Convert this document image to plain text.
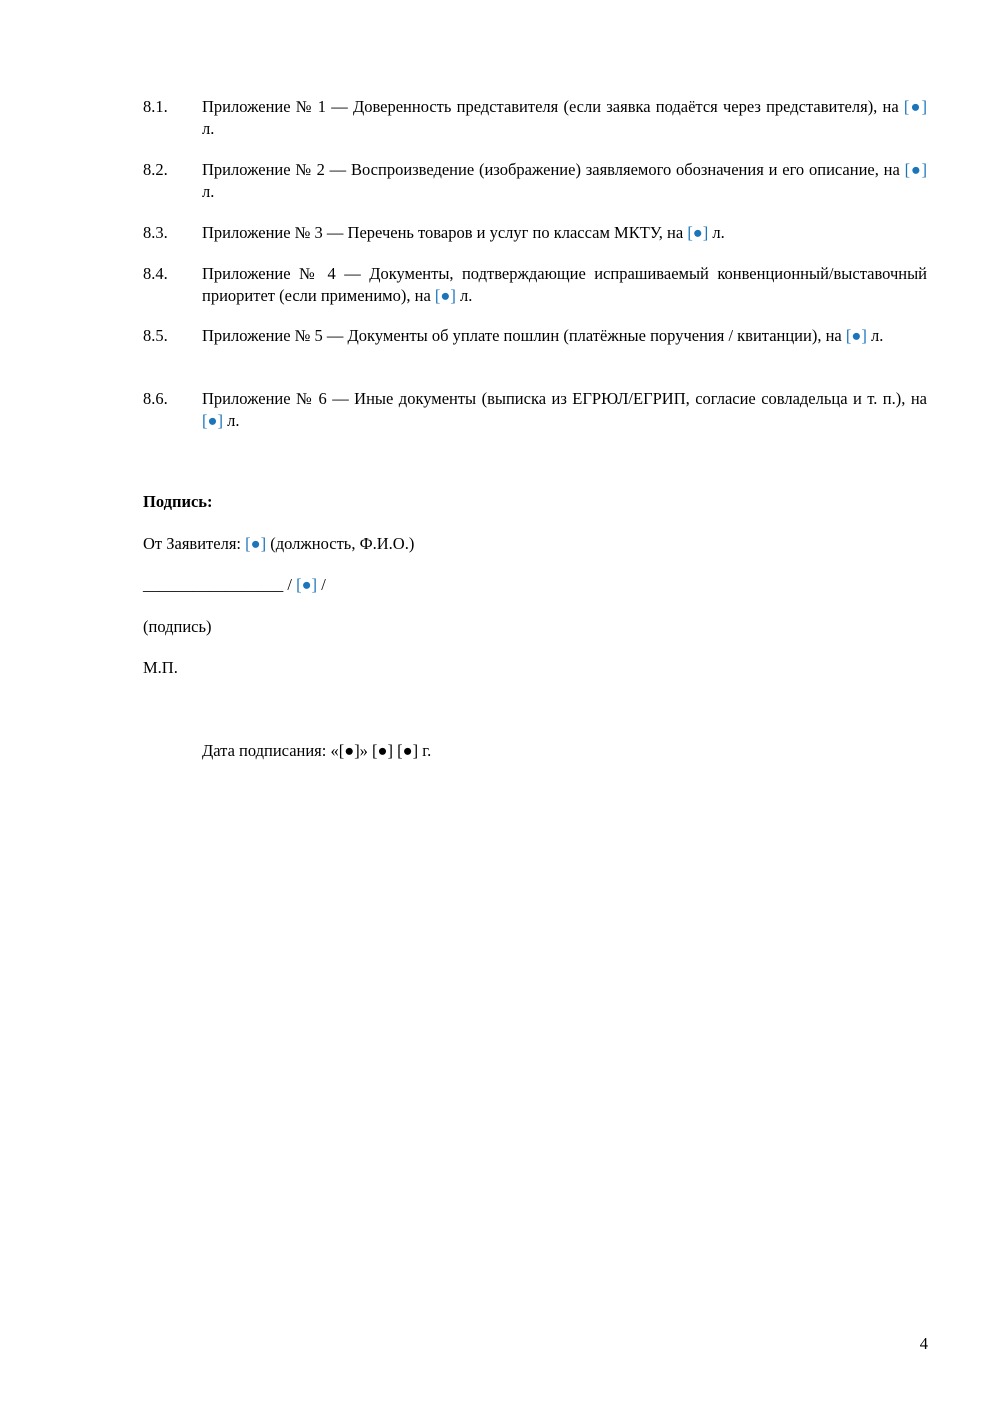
8.1.	Приложение № 1 — Доверенность представителя (если заявка подаётся через представителя), на [●] л.
8.2.	Приложение № 2 — Воспроизведение (изображение) заявляемого обозначения и его описание, на [●] л.
8.3.	Приложение № 3 — Перечень товаров и услуг по классам МКТУ, на [●] л.
8.4.	Приложение № 4 — Документы, подтверждающие испрашиваемый конвенционный/выставочный приоритет (если применимо), на [●] л.
8.5.	Приложение № 5 — Документы об уплате пошлин (платёжные поручения / квитанции), на [●] л.
8.6.	Приложение № 6 — Иные документы (выписка из ЕГРЮЛ/ЕГРИП, согласие совладельца и т. п.), на [●] л.
Подпись:
От Заявителя: [●] (должность, Ф.И.О.)
_________________ / [●] /
(подпись)
М.П.
Дата подписания: «[●]» [●] [●] г.
4
